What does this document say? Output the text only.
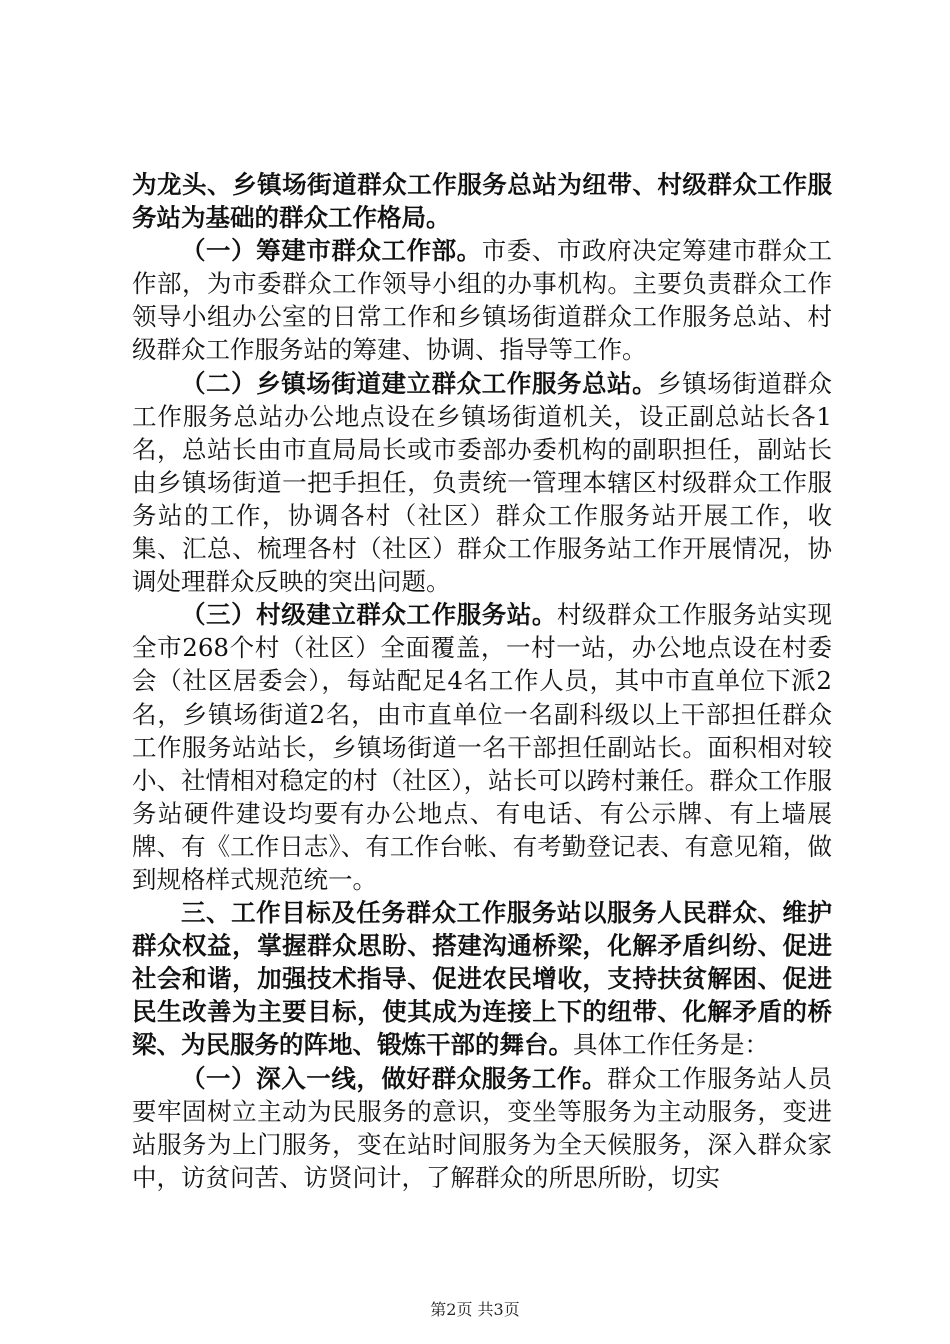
为龙头、乡镇场街道群众工作服务总站为纽带、村级群众工作服务站为基础的群众工作格局。

（一）筹建市群众工作部。市委、市政府决定筹建市群众工作部，为市委群众工作领导小组的办事机构。主要负责群众工作领导小组办公室的日常工作和乡镇场街道群众工作服务总站、村级群众工作服务站的筹建、协调、指导等工作。

（二）乡镇场街道建立群众工作服务总站。乡镇场街道群众工作服务总站办公地点设在乡镇场街道机关，设正副总站长各1名，总站长由市直局局长或市委部办委机构的副职担任，副站长由乡镇场街道一把手担任，负责统一管理本辖区村级群众工作服务站的工作，协调各村（社区）群众工作服务站开展工作，收集、汇总、梳理各村（社区）群众工作服务站工作开展情况，协调处理群众反映的突出问题。

（三）村级建立群众工作服务站。村级群众工作服务站实现全市268个村（社区）全面覆盖，一村一站，办公地点设在村委会（社区居委会），每站配足4名工作人员，其中市直单位下派2名，乡镇场街道2名，由市直单位一名副科级以上干部担任群众工作服务站站长，乡镇场街道一名干部担任副站长。面积相对较小、社情相对稳定的村（社区），站长可以跨村兼任。群众工作服务站硬件建设均要有办公地点、有电话、有公示牌、有上墙展牌、有《工作日志》、有工作台帐、有考勤登记表、有意见箱，做到规格样式规范统一。

三、工作目标及任务群众工作服务站以服务人民群众、维护群众权益，掌握群众思盼、搭建沟通桥梁，化解矛盾纠纷、促进社会和谐，加强技术指导、促进农民增收，支持扶贫解困、促进民生改善为主要目标，使其成为连接上下的纽带、化解矛盾的桥梁、为民服务的阵地、锻炼干部的舞台。具体工作任务是：

（一）深入一线，做好群众服务工作。群众工作服务站人员要牢固树立主动为民服务的意识，变坐等服务为主动服务，变进站服务为上门服务，变在站时间服务为全天候服务，深入群众家中，访贫问苦、访贤问计，了解群众的所思所盼，切实

第2页 共3页
